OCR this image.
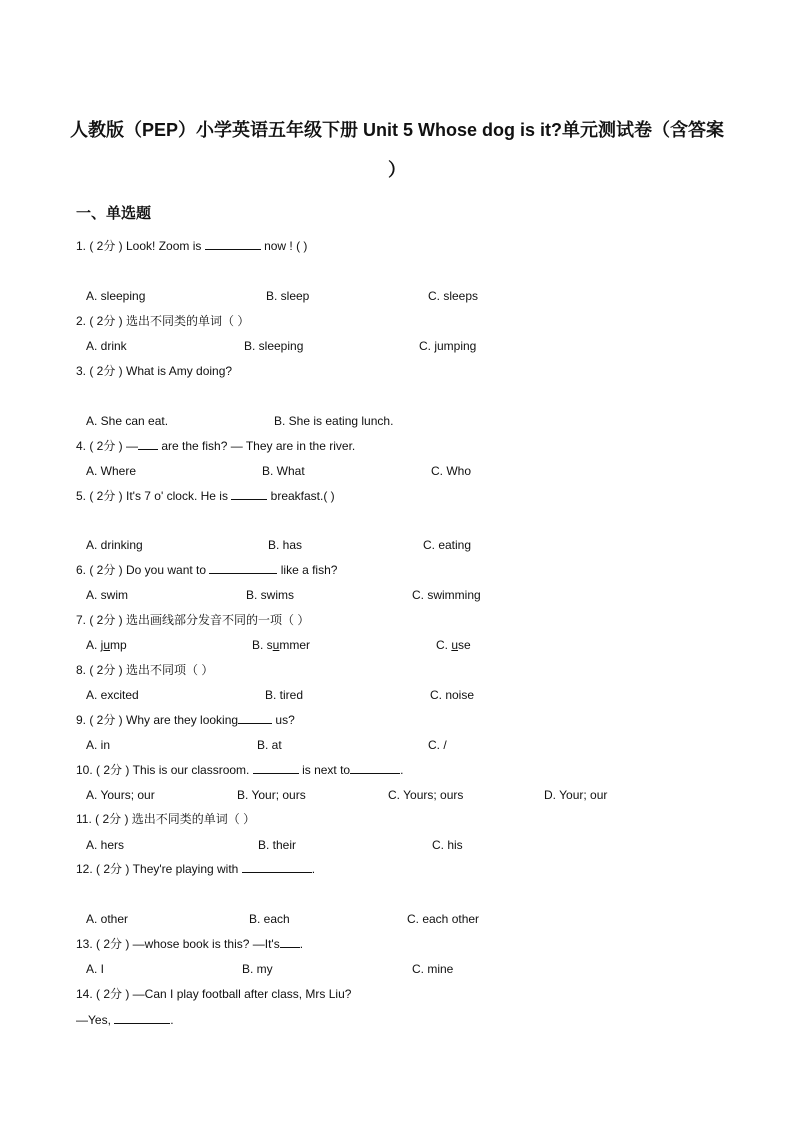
人教版（PEP）小学英语五年级下册 Unit 5 Whose dog is it?单元测试卷（含答案
）
一、单选题
1. ( 2分 ) Look! Zoom is	now ! ( )
A. sleeping	B. sleep	C. sleeps
2. ( 2分 ) 选出不同类的单词（ ）
A. drink	B. sleeping	C. jumping
3. ( 2分 ) What is Amy doing?
A. She can eat.	B. She is eating lunch.
4. ( 2分 ) — are the fish? — They are in the river.
A. Where	B. What	C. Who
5. ( 2分 ) It's 7 o' clock. He is	breakfast.( )
A. drinking	B. has	C. eating
6. ( 2分 ) Do you want to	like a fish?
A. swim	B. swims	C. swimming
7. ( 2分 ) 选出画线部分发音不同的一项（ ）
A. jump	B. summer	C. use
8. ( 2分 ) 选出不同项（ ）
A. excited	B. tired	C. noise
9. ( 2分 ) Why are they looking	us?
A. in	B. at	C. /
10. ( 2分 ) This is our classroom.	is next to	.
A. Yours; our	B. Your; ours	C. Yours; ours	D. Your; our
11. ( 2分 ) 选出不同类的单词（ ）
A. hers	B. their	C. his
12. ( 2分 ) They're playing with	.
A. other	B. each	C. each other
13. ( 2分 ) —whose book is this? —It's .
A. I	B. my	C. mine
14. ( 2分 ) —Can I play football after class, Mrs Liu?
—Yes,	.
